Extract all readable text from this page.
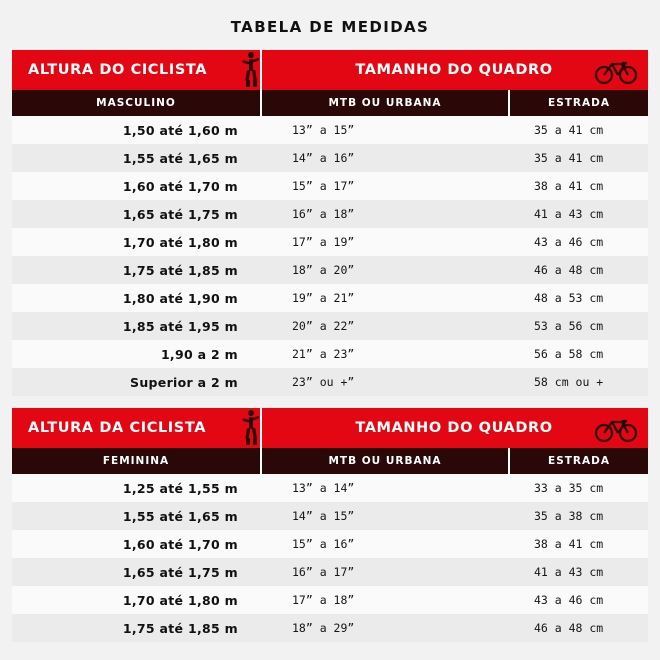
TABELA DE MEDIDAS
ALTURA DO CICLISTA	TAMANHO DO QUADRO
MASCULINO	MTB OU URBANA	ESTRADA
1,50 até 1,60 m	13” a 15”	35 a 41 cm
1,55 até 1,65 m	14” a 16”	35 a 41 cm
1,60 até 1,70 m	15” a 17”	38 a 41 cm
1,65 até 1,75 m	16” a 18”	41 a 43 cm
1,70 até 1,80 m	17” a 19”	43 a 46 cm
1,75 até 1,85 m	18” a 20”	46 a 48 cm
1,80 até 1,90 m	19” a 21”	48 a 53 cm
1,85 até 1,95 m	20” a 22”	53 a 56 cm
1,90 a 2 m	21” a 23”	56 a 58 cm
Superior a 2 m	23” ou +”	58 cm ou +
ALTURA DA CICLISTA	TAMANHO DO QUADRO
FEMININA	MTB OU URBANA	ESTRADA
1,25 até 1,55 m	13” a 14”	33 a 35 cm
1,55 até 1,65 m	14” a 15”	35 a 38 cm
1,60 até 1,70 m	15” a 16”	38 a 41 cm
1,65 até 1,75 m	16” a 17”	41 a 43 cm
1,70 até 1,80 m	17” a 18”	43 a 46 cm
1,75 até 1,85 m	18” a 29”	46 a 48 cm
